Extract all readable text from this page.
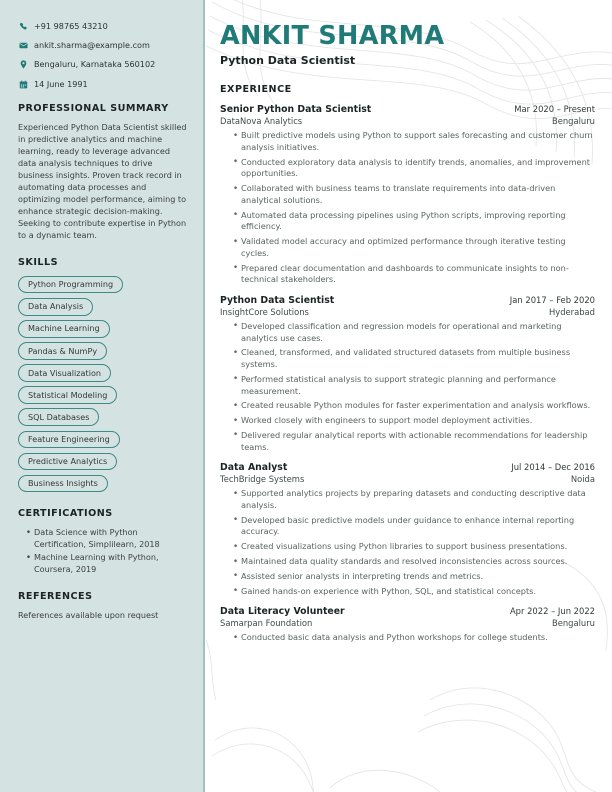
+91 98765 43210
ankit.sharma@example.com
Bengaluru, Karnataka 560102
14 June 1991
PROFESSIONAL SUMMARY

Experienced Python Data Scientist skilled in predictive analytics and machine learning, ready to leverage advanced data analysis techniques to drive business insights. Proven track record in automating data processes and optimizing model performance, aiming to enhance strategic decision-making. Seeking to contribute expertise in Python to a dynamic team.

SKILLS
Python Programming
Data Analysis
Machine Learning
Pandas & NumPy
Data Visualization
Statistical Modeling
SQL Databases
Feature Engineering
Predictive Analytics
Business Insights
CERTIFICATIONS
• Data Science with Python Certification, Simplilearn, 2018
• Machine Learning with Python, Coursera, 2019
REFERENCES

References available upon request

ANKIT SHARMA
Python Data Scientist
EXPERIENCE
Senior Python Data Scientist	Mar 2020 – Present
DataNova Analytics	Bengaluru
• Built predictive models using Python to support sales forecasting and customer churn analysis initiatives.
• Conducted exploratory data analysis to identify trends, anomalies, and improvement opportunities.
• Collaborated with business teams to translate requirements into data-driven analytical solutions.
• Automated data processing pipelines using Python scripts, improving reporting efficiency.
• Validated model accuracy and optimized performance through iterative testing cycles.
• Prepared clear documentation and dashboards to communicate insights to non-technical stakeholders.
Python Data Scientist	Jan 2017 – Feb 2020
InsightCore Solutions	Hyderabad
• Developed classification and regression models for operational and marketing analytics use cases.
• Cleaned, transformed, and validated structured datasets from multiple business systems.
• Performed statistical analysis to support strategic planning and performance measurement.
• Created reusable Python modules for faster experimentation and analysis workflows.
• Worked closely with engineers to support model deployment activities.
• Delivered regular analytical reports with actionable recommendations for leadership teams.
Data Analyst	Jul 2014 – Dec 2016
TechBridge Systems	Noida
• Supported analytics projects by preparing datasets and conducting descriptive data analysis.
• Developed basic predictive models under guidance to enhance internal reporting accuracy.
• Created visualizations using Python libraries to support business presentations.
• Maintained data quality standards and resolved inconsistencies across sources.
• Assisted senior analysts in interpreting trends and metrics.
• Gained hands-on experience with Python, SQL, and statistical concepts.
Data Literacy Volunteer	Apr 2022 – Jun 2022
Samarpan Foundation	Bengaluru
• Conducted basic data analysis and Python workshops for college students.
